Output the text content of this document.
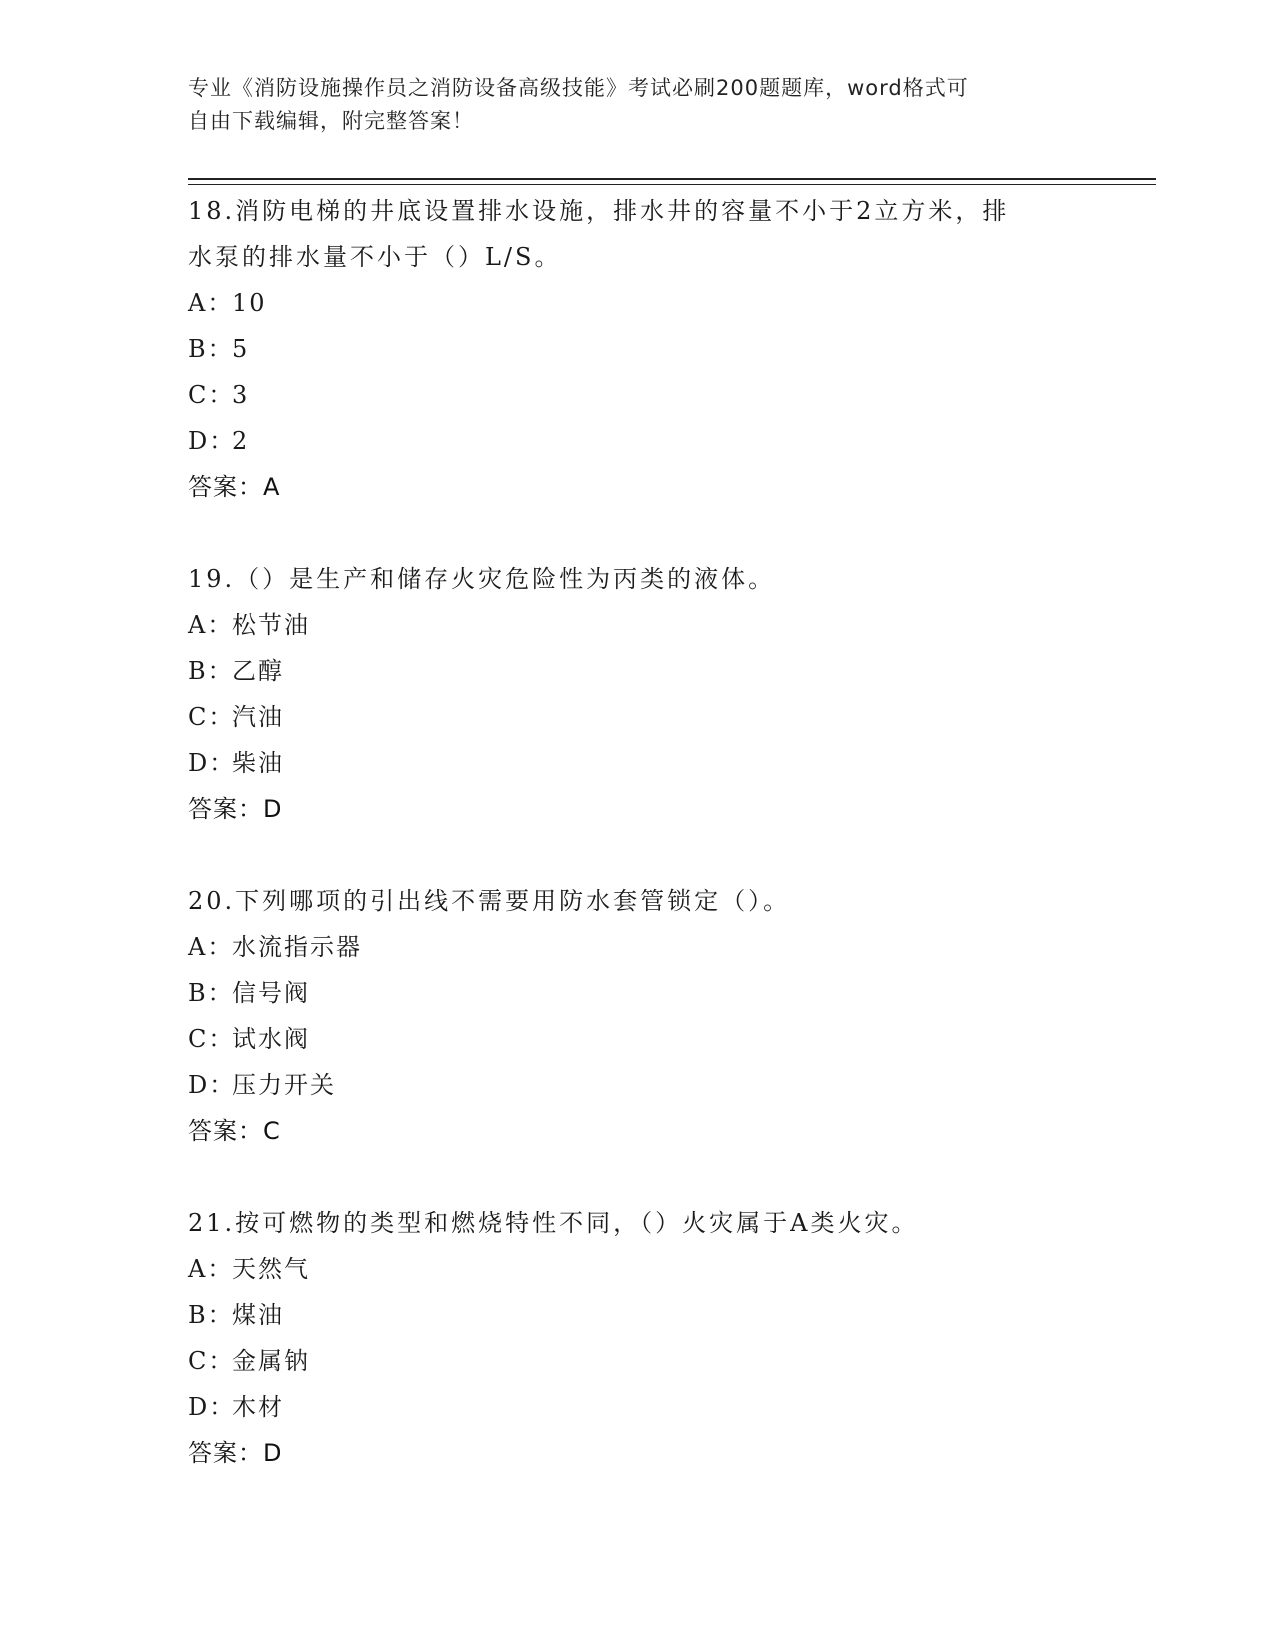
专业《消防设施操作员之消防设备高级技能》考试必刷200题题库，word格式可
自由下载编辑，附完整答案！

18.消防电梯的井底设置排水设施，排水井的容量不小于2立方米，排
水泵的排水量不小于（）L/S。

A：10

B：5

C：3

D：2

答案：A

19.（）是生产和储存火灾危险性为丙类的液体。

A：松节油

B：乙醇

C：汽油

D：柴油

答案：D

20.下列哪项的引出线不需要用防水套管锁定（）。

A：水流指示器

B：信号阀

C：试水阀

D：压力开关

答案：C

21.按可燃物的类型和燃烧特性不同，（）火灾属于A类火灾。

A：天然气

B：煤油

C：金属钠

D：木材

答案：D
